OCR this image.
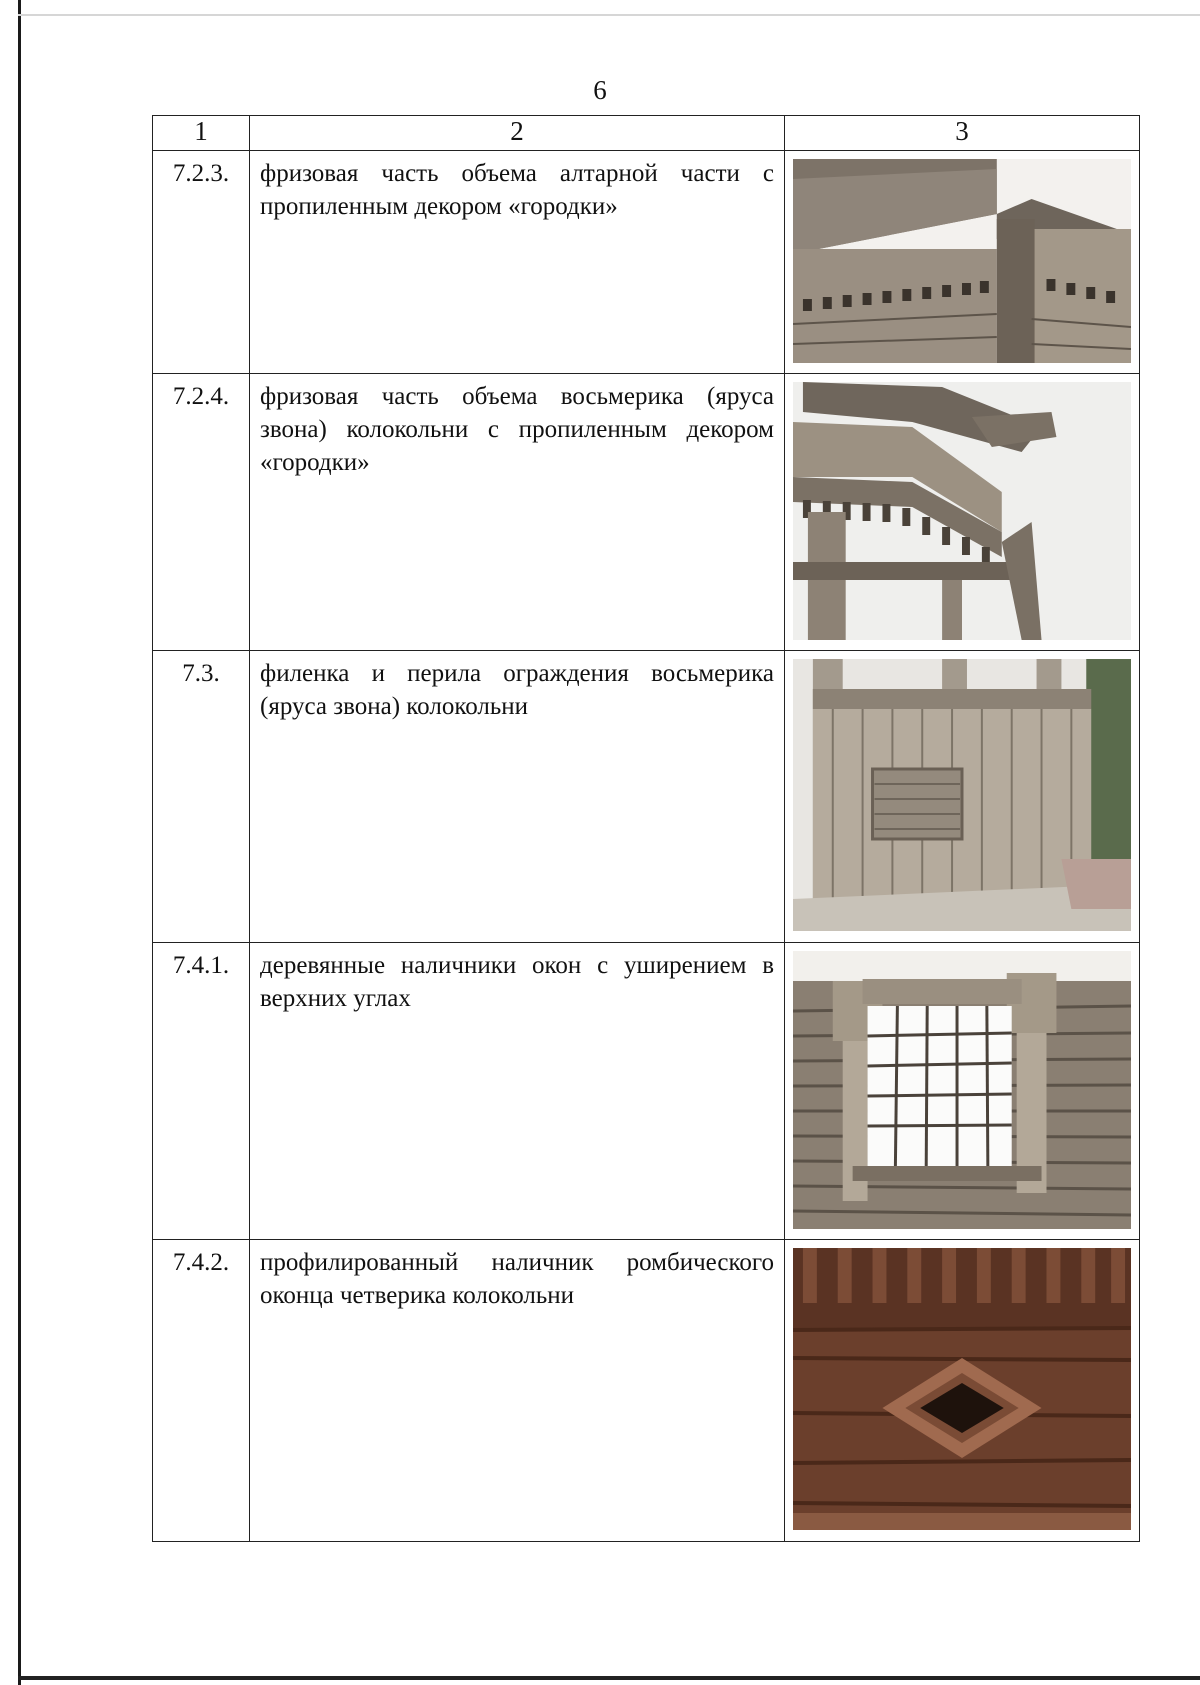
6
1	2	3
7.2.3.	фризовая часть объема алтарной части с пропиленным декором «городки»	

7.2.4.	фризовая часть объема восьмерика (яруса звона) колокольни с пропиленным декором «городки»	

7.3.	филенка и перила ограждения восьмерика (яруса звона) колокольни	

7.4.1.	деревянные наличники окон с уширением в верхних углах	

7.4.2.	профилированный наличник ромбического оконца четверика колокольни	
